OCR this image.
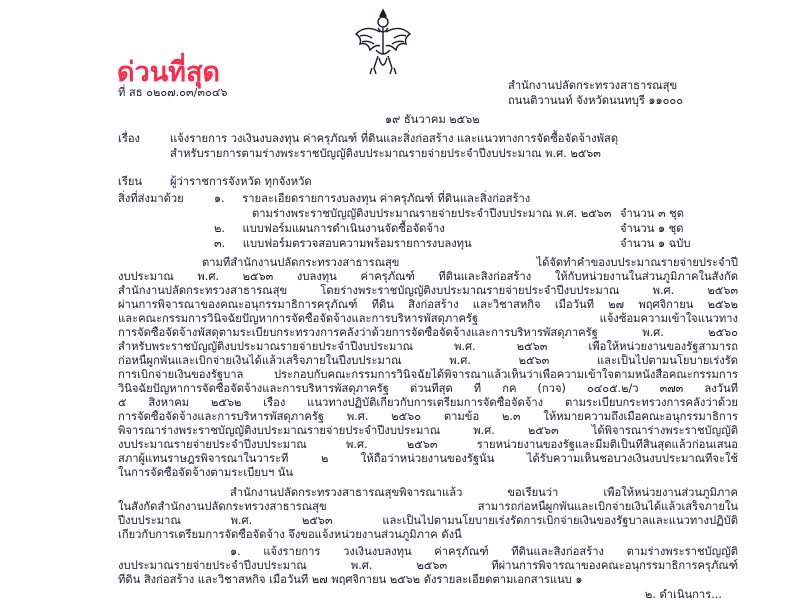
ด่วนที่สุด
ที่ สธ ๐๒๐๗.๐๓/๓๐๔๖
สำนักงานปลัดกระทรวงสาธารณสุข
ถนนติวานนท์ จังหวัดนนทบุรี ๑๑๐๐๐
๑๙ ธันวาคม ๒๕๖๒
เรื่อง	แจ้งรายการ วงเงินงบลงทุน ค่าครุภัณฑ์ ที่ดินและสิ่งก่อสร้าง และแนวทางการจัดซื้อจัดจ้างพัสดุ
สำหรับรายการตามร่างพระราชบัญญัติงบประมาณรายจ่ายประจำปีงบประมาณ พ.ศ. ๒๕๖๓
เรียน ผู้ว่าราชการจังหวัด ทุกจังหวัด
สิ่งที่ส่งมาด้วย	๑. รายละเอียดรายการงบลงทุน ค่าครุภัณฑ์ ที่ดินและสิ่งก่อสร้าง
ตามร่างพระราชบัญญัติงบประมาณรายจ่ายประจำปีงบประมาณ พ.ศ. ๒๕๖๓ จำนวน ๓ ชุด
๒. แบบฟอร์มแผนการดำเนินงานจัดซื้อจัดจ้าง	จำนวน ๑ ชุด
๓. แบบฟอร์มตรวจสอบความพร้อมรายการงบลงทุน	จำนวน ๑ ฉบับ
ตามที่สำนักงานปลัดกระทรวงสาธารณสุข ได้จัดทำคำของบประมาณรายจ่ายประจำปี
งบประมาณ พ.ศ. ๒๕๖๓ งบลงทุน ค่าครุภัณฑ์ ที่ดินและสิ่งก่อสร้าง ให้กับหน่วยงานในส่วนภูมิภาคในสังกัด
สำนักงานปลัดกระทรวงสาธารณสุข โดยร่างพระราชบัญญัติงบประมาณรายจ่ายประจำปีงบประมาณ พ.ศ. ๒๕๖๓
ผ่านการพิจารณาของคณะอนุกรรมาธิการครุภัณฑ์ ที่ดิน สิ่งก่อสร้าง และวิชาสหกิจ เมื่อวันที่ ๒๗ พฤศจิกายน ๒๕๖๒
และคณะกรรมการวินิจฉัยปัญหาการจัดซื้อจัดจ้างและการบริหารพัสดุภาครัฐ แจ้งซ้อมความเข้าใจแนวทาง
การจัดซื้อจัดจ้างพัสดุตามระเบียบกระทรวงการคลังว่าด้วยการจัดซื้อจัดจ้างและการบริหารพัสดุภาครัฐ พ.ศ. ๒๕๖๐
สำหรับพระราชบัญญัติงบประมาณรายจ่ายประจำปีงบประมาณ พ.ศ. ๒๕๖๓ เพื่อให้หน่วยงานของรัฐสามารถ
ก่อหนี้ผูกพันและเบิกจ่ายเงินได้แล้วเสร็จภายในปีงบประมาณ พ.ศ. ๒๕๖๓ และเป็นไปตามนโยบายเร่งรัด
การเบิกจ่ายเงินของรัฐบาล ประกอบกับคณะกรรมการวินิจฉัยได้พิจารณาแล้วเห็นว่าเพื่อความเข้าใจตามหนังสือคณะกรรมการ
วินิจฉัยปัญหาการจัดซื้อจัดจ้างและการบริหารพัสดุภาครัฐ ด่วนที่สุด ที่ กค (กวจ) ๐๔๐๕.๒/ว ๓๗๓ ลงวันที่
๕ สิงหาคม ๒๕๖๒ เรื่อง แนวทางปฏิบัติเกี่ยวกับการเตรียมการจัดซื้อจัดจ้าง ตามระเบียบกระทรวงการคลังว่าด้วย
การจัดซื้อจัดจ้างและการบริหารพัสดุภาครัฐ พ.ศ. ๒๕๖๐ ตามข้อ ๒.๓ ให้หมายความถึงเมื่อคณะอนุกรรมาธิการ
พิจารณาร่างพระราชบัญญัติงบประมาณรายจ่ายประจำปีงบประมาณ พ.ศ. ๒๕๖๓ ได้พิจารณาร่างพระราชบัญญัติ
งบประมาณรายจ่ายประจำปีงบประมาณ พ.ศ. ๒๕๖๓ รายหน่วยงานของรัฐและมีมติเป็นที่สิ้นสุดแล้วก่อนเสนอ
สภาผู้แทนราษฎรพิจารณาในวาระที่ ๒ ให้ถือว่าหน่วยงานของรัฐนั้น ได้รับความเห็นชอบวงเงินงบประมาณที่จะใช้
ในการจัดซื้อจัดจ้างตามระเบียบฯ นั้น
สำนักงานปลัดกระทรวงสาธารณสุขพิจารณาแล้ว ขอเรียนว่า เพื่อให้หน่วยงานส่วนภูมิภาค
ในสังกัดสำนักงานปลัดกระทรวงสาธารณสุข สามารถก่อหนี้ผูกพันและเบิกจ่ายเงินได้แล้วเสร็จภายใน
ปีงบประมาณ พ.ศ. ๒๕๖๓ และเป็นไปตามนโยบายเร่งรัดการเบิกจ่ายเงินของรัฐบาลและแนวทางปฏิบัติ
เกี่ยวกับการเตรียมการจัดซื้อจัดจ้าง จึงขอแจ้งหน่วยงานส่วนภูมิภาค ดังนี้
๑. แจ้งรายการ วงเงินงบลงทุน ค่าครุภัณฑ์ ที่ดินและสิ่งก่อสร้าง ตามร่างพระราชบัญญัติ
งบประมาณรายจ่ายประจำปีงบประมาณ พ.ศ. ๒๕๖๓ ที่ผ่านการพิจารณาของคณะอนุกรรมาธิการครุภัณฑ์
ที่ดิน สิ่งก่อสร้าง และวิชาสหกิจ เมื่อวันที่ ๒๗ พฤศจิกายน ๒๕๖๒ ดังรายละเอียดตามเอกสารแนบ ๑
๒. ดำเนินการ...
